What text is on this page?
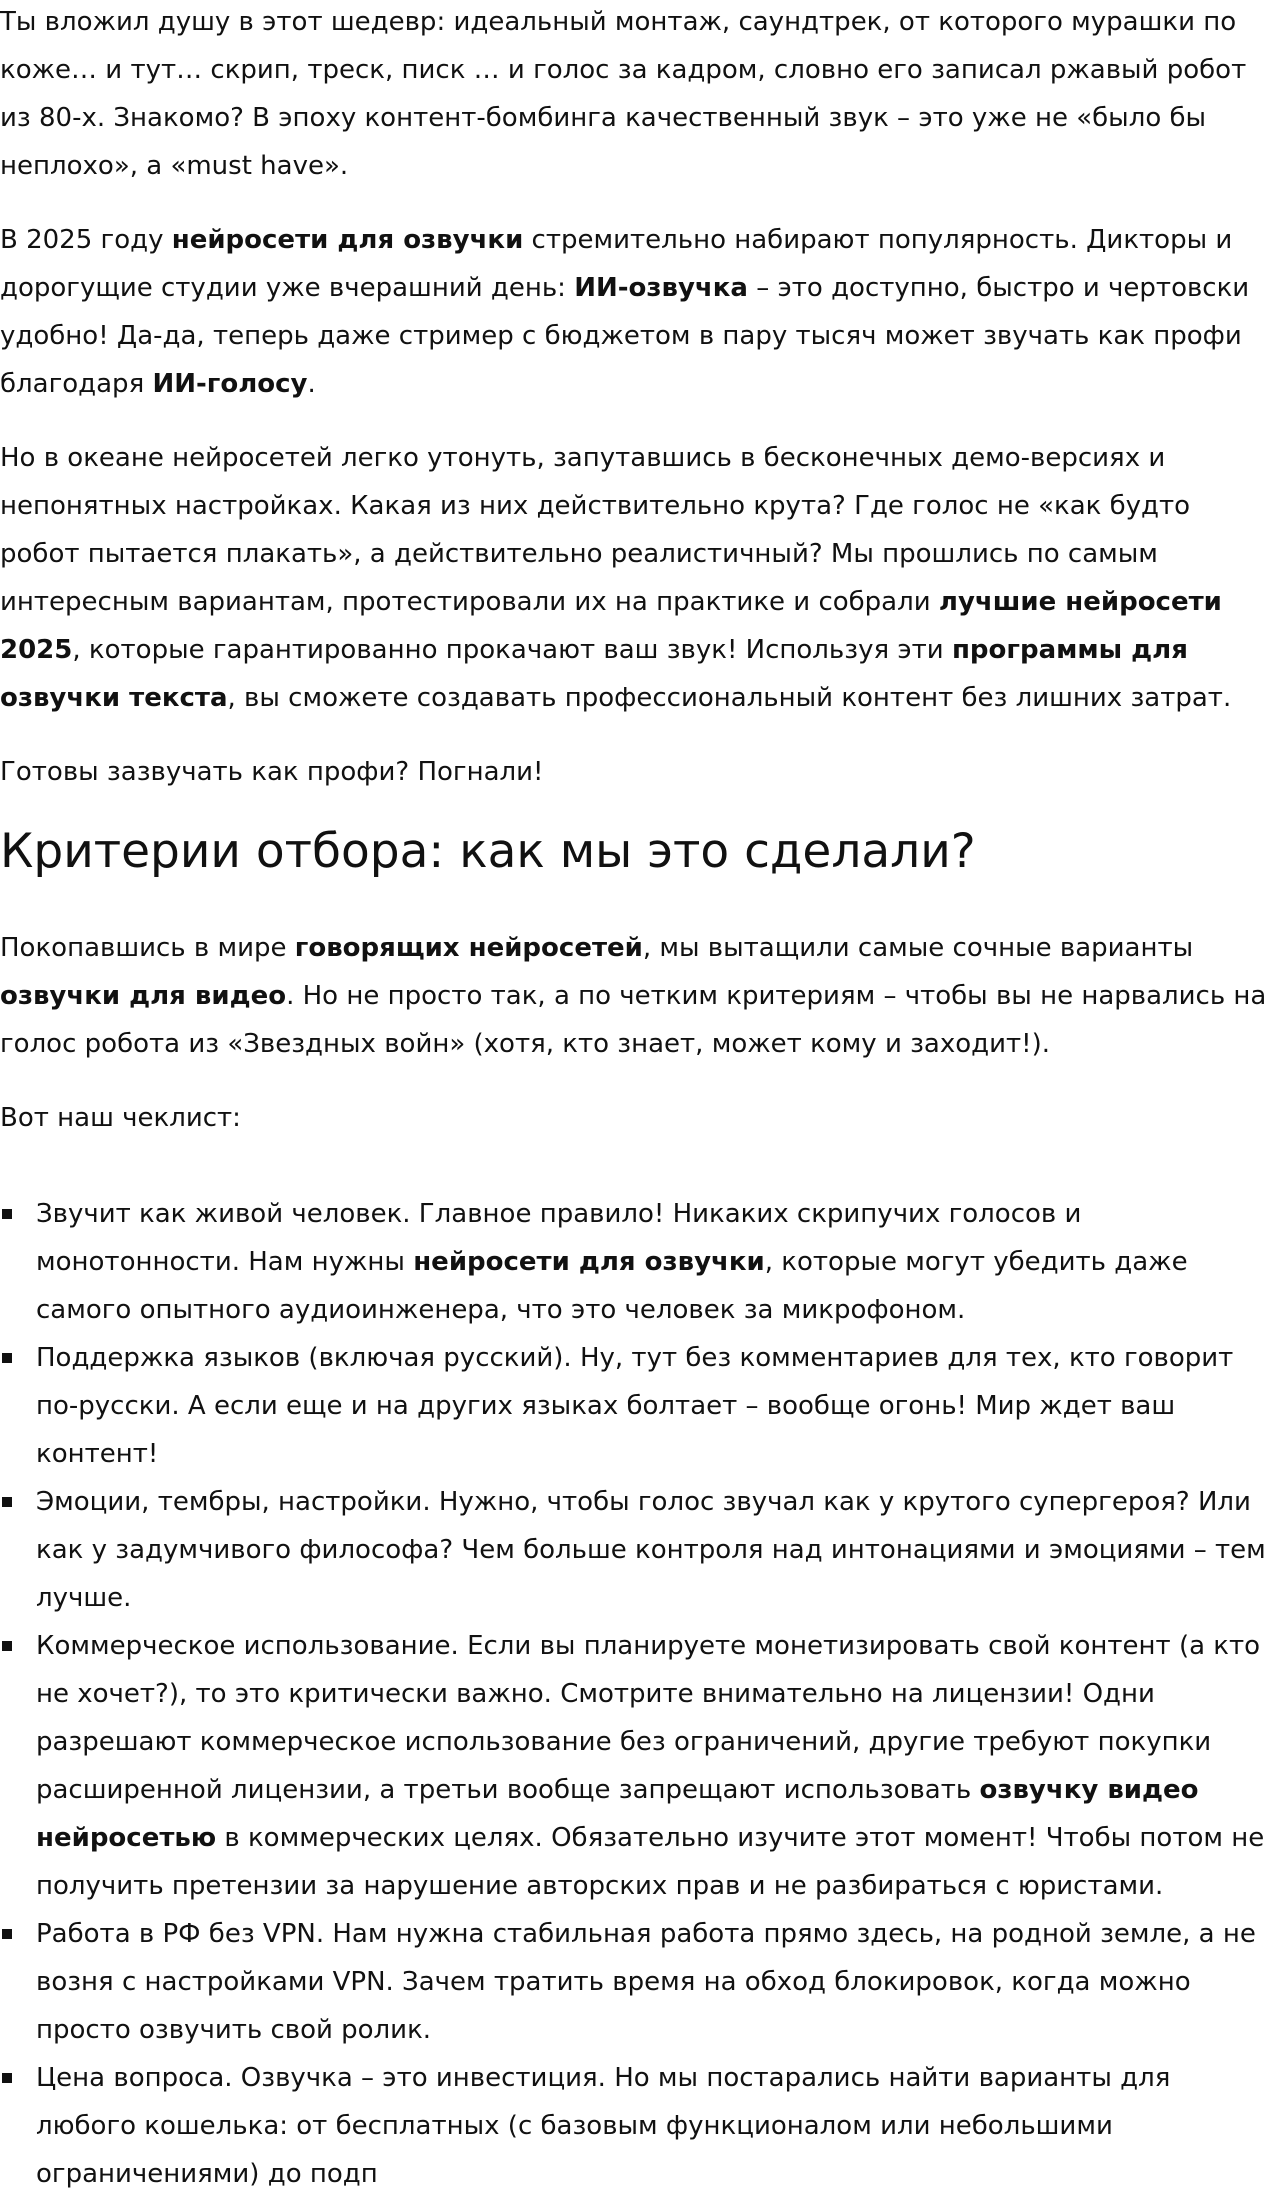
Ты вложил душу в этот шедевр: идеальный монтаж, саундтрек, от которого мурашки по коже… и тут… скрип, треск, писк … и голос за кадром, словно его записал ржавый робот из 80-х. Знакомо? В эпоху контент-бомбинга качественный звук – это уже не «было бы неплохо», а «must have».

В 2025 году нейросети для озвучки стремительно набирают популярность. Дикторы и дорогущие студии уже вчерашний день: ИИ-озвучка – это доступно, быстро и чертовски удобно! Да-да, теперь даже стример с бюджетом в пару тысяч может звучать как профи благодаря ИИ-голосу.

Но в океане нейросетей легко утонуть, запутавшись в бесконечных демо-версиях и непонятных настройках. Какая из них действительно крута? Где голос не «как будто робот пытается плакать», а действительно реалистичный? Мы прошлись по самым интересным вариантам, протестировали их на практике и собрали лучшие нейросети 2025, которые гарантированно прокачают ваш звук! Используя эти программы для озвучки текста, вы сможете создавать профессиональный контент без лишних затрат.

Готовы зазвучать как профи? Погнали!

Критерии отбора: как мы это сделали?

Покопавшись в мире говорящих нейросетей, мы вытащили самые сочные варианты озвучки для видео. Но не просто так, а по четким критериям – чтобы вы не нарвались на голос робота из «Звездных войн» (хотя, кто знает, может кому и заходит!).

Вот наш чеклист:

Звучит как живой человек. Главное правило! Никаких скрипучих голосов и монотонности. Нам нужны нейросети для озвучки, которые могут убедить даже самого опытного аудиоинженера, что это человек за микрофоном.
Поддержка языков (включая русский). Ну, тут без комментариев для тех, кто говорит по-русски. А если еще и на других языках болтает – вообще огонь! Мир ждет ваш контент!
Эмоции, тембры, настройки. Нужно, чтобы голос звучал как у крутого супергероя? Или как у задумчивого философа? Чем больше контроля над интонациями и эмоциями – тем лучше.
Коммерческое использование. Если вы планируете монетизировать свой контент (а кто не хочет?), то это критически важно. Смотрите внимательно на лицензии! Одни разрешают коммерческое использование без ограничений, другие требуют покупки расширенной лицензии, а третьи вообще запрещают использовать озвучку видео нейросетью в коммерческих целях. Обязательно изучите этот момент! Чтобы потом не получить претензии за нарушение авторских прав и не разбираться с юристами.
Работа в РФ без VPN. Нам нужна стабильная работа прямо здесь, на родной земле, а не возня с настройками VPN. Зачем тратить время на обход блокировок, когда можно просто озвучить свой ролик.
Цена вопроса. Озвучка – это инвестиция. Но мы постарались найти варианты для любого кошелька: от бесплатных (с базовым функционалом или небольшими ограничениями) до подп
